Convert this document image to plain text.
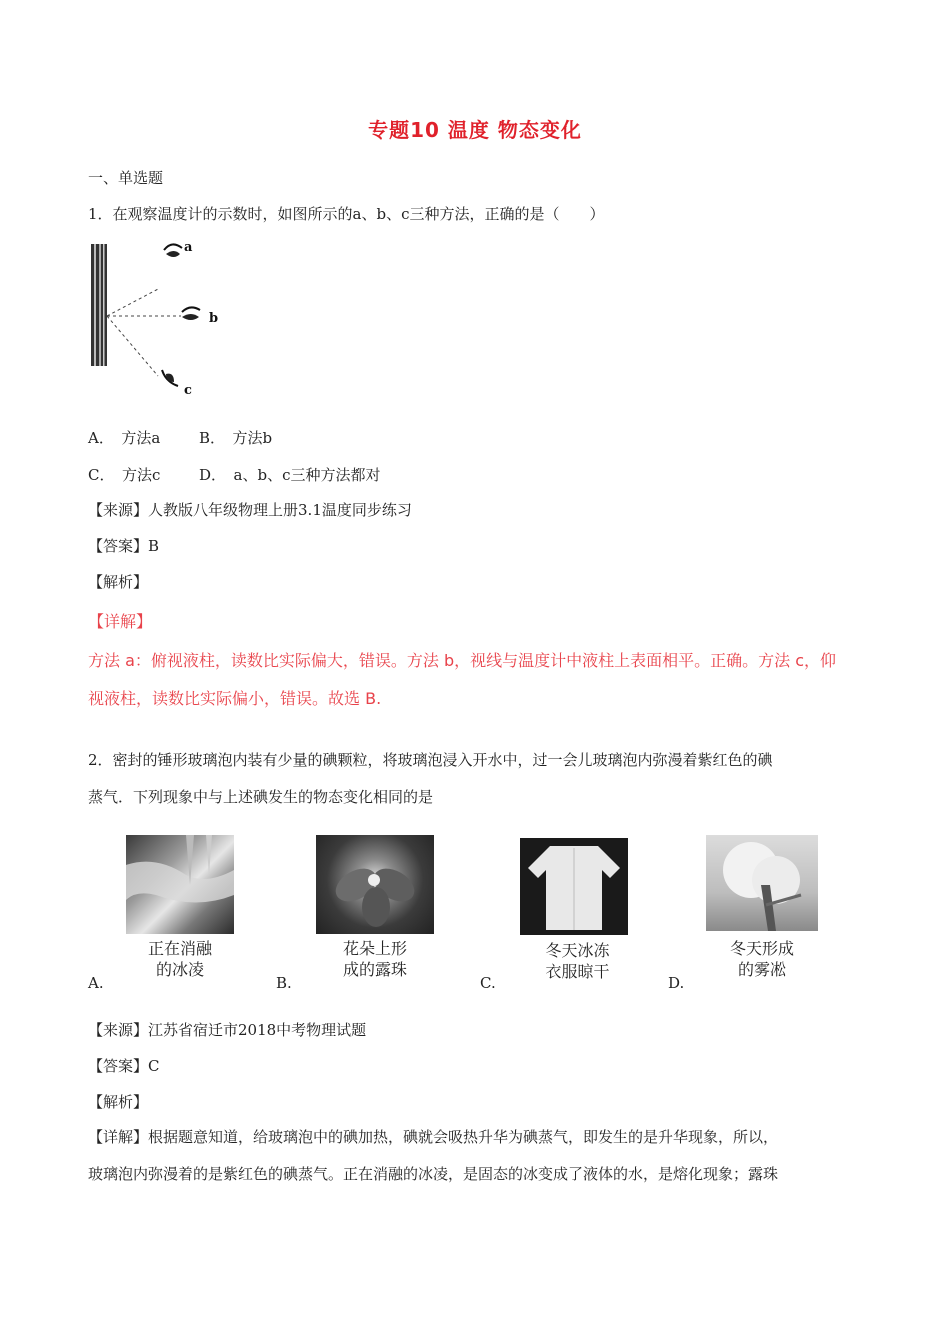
专题10 温度 物态变化
一、单选题
1．在观察温度计的示数时，如图所示的a、b、c三种方法，正确的是（　　）
a
b
c
A．　方法a	B．　方法b
C．　方法c	D．　a、b、c三种方法都对
【来源】人教版八年级物理上册3.1温度同步练习
【答案】B
【解析】
【详解】
方法 a：俯视液柱，读数比实际偏大，错误。方法 b，视线与温度计中液柱上表面相平。正确。方法 c，仰
视液柱，读数比实际偏小，错误。故选 B.
2．密封的锤形玻璃泡内装有少量的碘颗粒，将玻璃泡浸入开水中，过一会儿玻璃泡内弥漫着紫红色的碘
蒸气．下列现象中与上述碘发生的物态变化相同的是
正在消融
的冰凌
A.
花朵上形
成的露珠
B.
冬天冰冻
衣服晾干
C.
冬天形成
的雾凇
D.
【来源】江苏省宿迁市2018中考物理试题
【答案】C
【解析】
【详解】根据题意知道，给玻璃泡中的碘加热，碘就会吸热升华为碘蒸气，即发生的是升华现象，所以，
玻璃泡内弥漫着的是紫红色的碘蒸气。正在消融的冰凌，是固态的冰变成了液体的水，是熔化现象；露珠
